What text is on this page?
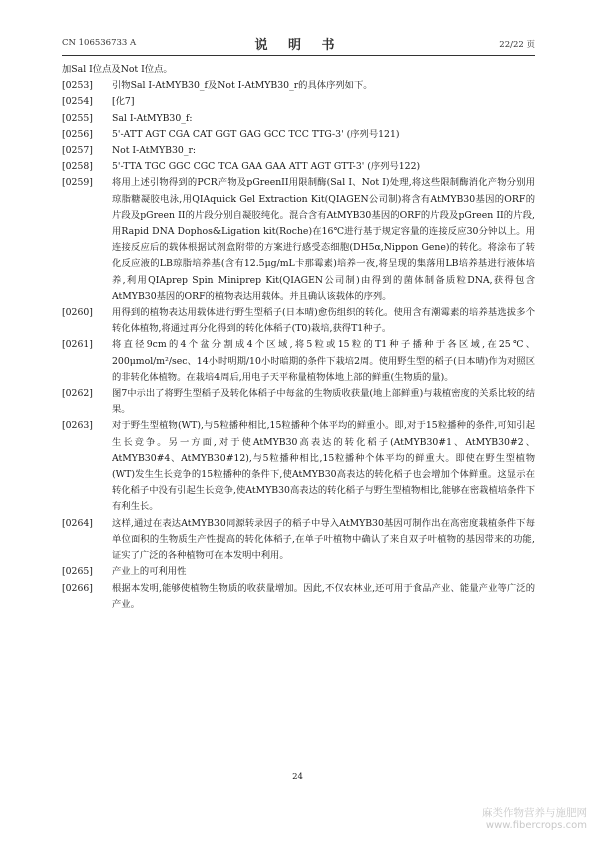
CN 106536733 A	说 明 书	22/22 页

加Sal I位点及Not I位点。

[0253]	引物Sal I-AtMYB30_f及Not I-AtMYB30_r的具体序列如下。
[0254]	[化7]
[0255]	Sal I-AtMYB30_f:
[0256]	5'-ATT AGT CGA CAT GGT GAG GCC TCC TTG-3' (序列号121)
[0257]	Not I-AtMYB30_r:
[0258]	5'-TTA TGC GGC CGC TCA GAA GAA ATT AGT GTT-3' (序列号122)
[0259]	将用上述引物得到的PCR产物及pGreenII用限制酶(Sal I、Not I)处理,将这些限制酶消化产物分别用琼脂糖凝胶电泳,用QIAquick Gel Extraction Kit(QIAGEN公司制)将含有AtMYB30基因的ORF的片段及pGreen II的片段分别自凝胶纯化。混合含有AtMYB30基因的ORF的片段及pGreen II的片段,用Rapid DNA Dophos&Ligation kit(Roche)在16℃进行基于规定容量的连接反应30分钟以上。用连接反应后的载体根据试剂盒附带的方案进行感受态细胞(DH5α,Nippon Gene)的转化。将涂布了转化反应液的LB琼脂培养基(含有12.5μg/mL卡那霉素)培养一夜,将呈现的集落用LB培养基进行液体培养,利用QIAprep Spin Miniprep Kit(QIAGEN公司制)由得到的菌体制备质粒DNA,获得包含AtMYB30基因的ORF的植物表达用载体。并且确认该载体的序列。
[0260]	用得到的植物表达用载体进行野生型稻子(日本晴)愈伤组织的转化。使用含有潮霉素的培养基选拔多个转化体植物,将通过再分化得到的转化体稻子(T0)栽培,获得T1种子。
[0261]	将直径9cm的4个盆分割成4个区域,将5粒或15粒的T1种子播种于各区域,在25℃、200μmol/m²/sec、14小时明期/10小时暗期的条件下栽培2周。使用野生型的稻子(日本晴)作为对照区的非转化体植物。在栽培4周后,用电子天平称量植物体地上部的鲜重(生物质的量)。
[0262]	图7中示出了将野生型稻子及转化体稻子中每盆的生物质收获量(地上部鲜重)与栽植密度的关系比较的结果。
[0263]	对于野生型植物(WT),与5粒播种相比,15粒播种个体平均的鲜重小。即,对于15粒播种的条件,可知引起生长竞争。另一方面,对于使AtMYB30高表达的转化稻子(AtMYB30#1、AtMYB30#2、AtMYB30#4、AtMYB30#12),与5粒播种相比,15粒播种个体平均的鲜重大。即使在野生型植物(WT)发生生长竞争的15粒播种的条件下,使AtMYB30高表达的转化稻子也会增加个体鲜重。这显示在转化稻子中没有引起生长竞争,使AtMYB30高表达的转化稻子与野生型植物相比,能够在密栽植培条件下有利生长。
[0264]	这样,通过在表达AtMYB30同源转录因子的稻子中导入AtMYB30基因可制作出在高密度栽植条件下每单位面积的生物质生产性提高的转化体稻子,在单子叶植物中确认了来自双子叶植物的基因带来的功能,证实了广泛的各种植物可在本发明中利用。
[0265]	产业上的可利用性
[0266]	根据本发明,能够使植物生物质的收获量增加。因此,不仅农林业,还可用于食品产业、能量产业等广泛的产业。
24
麻类作物营养与施肥网
www.fibercrops.com
